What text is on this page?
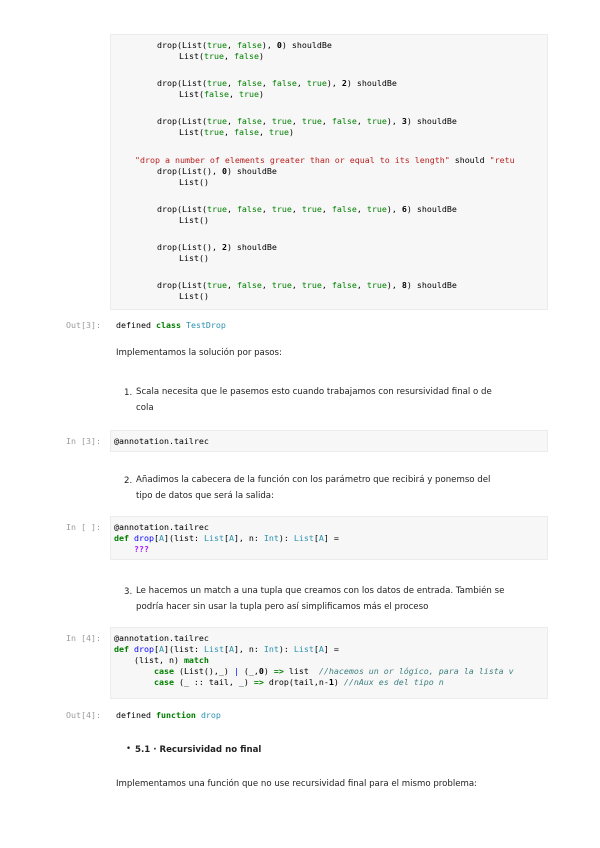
drop(List(true, false), 0) shouldBe
List(true, false)
drop(List(true, false, false, true), 2) shouldBe
List(false, true)
drop(List(true, false, true, true, false, true), 3) shouldBe
List(true, false, true)
"drop a number of elements greater than or equal to its length" should "retu
drop(List(), 0) shouldBe
List()
drop(List(true, false, true, true, false, true), 6) shouldBe
List()
drop(List(), 2) shouldBe
List()
drop(List(true, false, true, true, false, true), 8) shouldBe
List()
Out[3]: defined class TestDrop
Implementamos la solución por pasos:
1. Scala necesita que le pasemos esto cuando trabajamos con resursividad final o de
cola
In [3]: @annotation.tailrec
2. Añadimos la cabecera de la función con los parámetro que recibirá y ponemso del
tipo de datos que será la salida:
In [ ]: @annotation.tailrec
def drop[A](list: List[A], n: Int): List[A] =
???
3. Le hacemos un match a una tupla que creamos con los datos de entrada. También se
podría hacer sin usar la tupla pero así simplificamos más el proceso
In [4]: @annotation.tailrec
def drop[A](list: List[A], n: Int): List[A] =
(list, n) match
case (List(),_) | (_,0) => list  //hacemos un or lógico, para la lista v
case (_ :: tail, _) => drop(tail,n-1) //nAux es del tipo n
Out[4]: defined function drop
• 5.1 · Recursividad no final
Implementamos una función que no use recursividad final para el mismo problema:
